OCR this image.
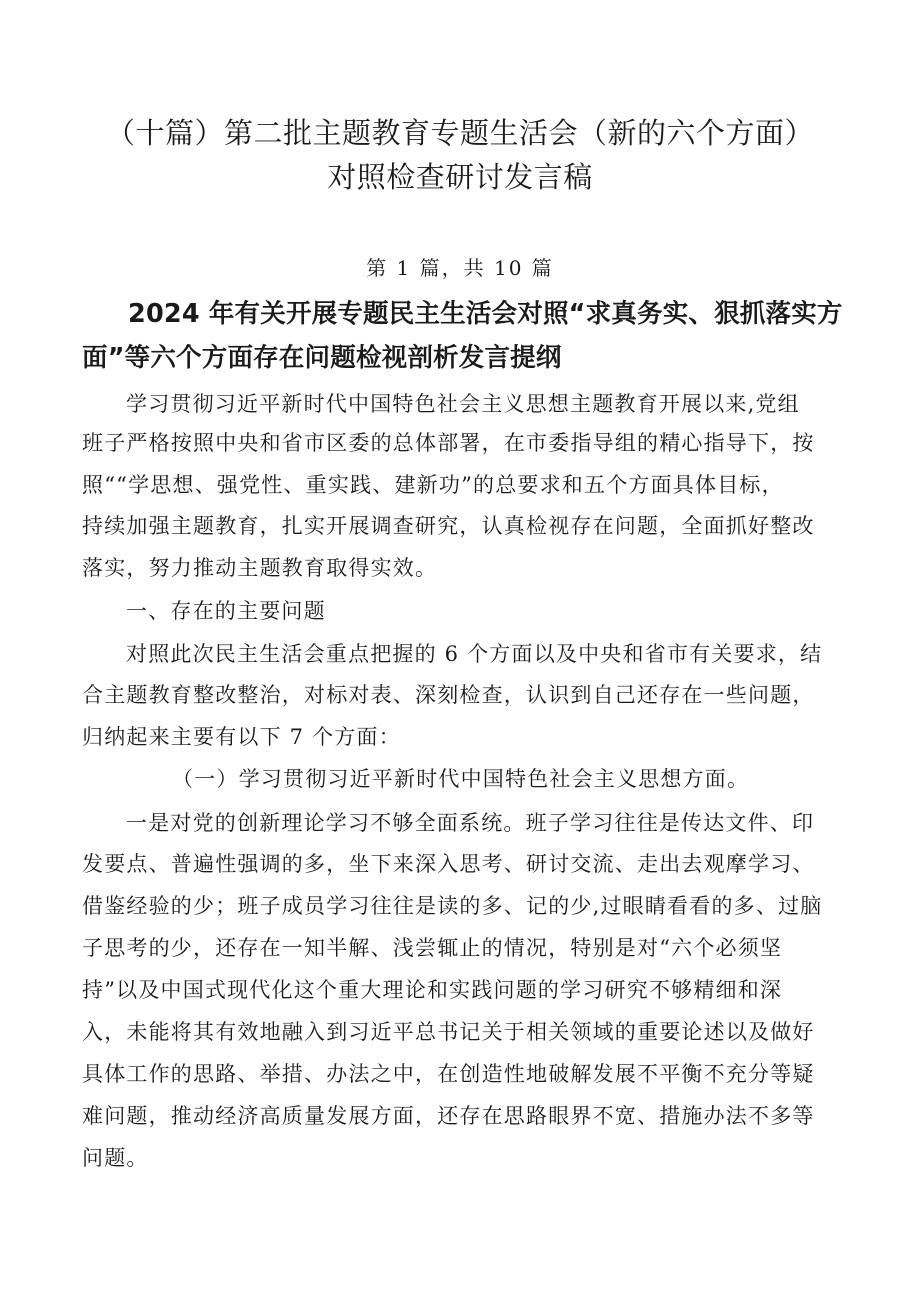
（十篇）第二批主题教育专题生活会（新的六个方面）
对照检查研讨发言稿
第 1 篇，共 10 篇
2024 年有关开展专题民主生活会对照“求真务实、狠抓落实方
面”等六个方面存在问题检视剖析发言提纲
学习贯彻习近平新时代中国特色社会主义思想主题教育开展以来,党组
班子严格按照中央和省市区委的总体部署，在市委指导组的精心指导下，按
照““学思想、强党性、重实践、建新功”的总要求和五个方面具体目标，
持续加强主题教育，扎实开展调查研究，认真检视存在问题，全面抓好整改
落实，努力推动主题教育取得实效。
一、存在的主要问题
对照此次民主生活会重点把握的 6 个方面以及中央和省市有关要求，结
合主题教育整改整治，对标对表、深刻检查，认识到自己还存在一些问题，
归纳起来主要有以下 7 个方面：
（一）学习贯彻习近平新时代中国特色社会主义思想方面。
一是对党的创新理论学习不够全面系统。班子学习往往是传达文件、印
发要点、普遍性强调的多，坐下来深入思考、研讨交流、走出去观摩学习、
借鉴经验的少；班子成员学习往往是读的多、记的少,过眼睛看看的多、过脑
子思考的少，还存在一知半解、浅尝辄止的情况，特别是对“六个必须坚
持”以及中国式现代化这个重大理论和实践问题的学习研究不够精细和深
入，未能将其有效地融入到习近平总书记关于相关领域的重要论述以及做好
具体工作的思路、举措、办法之中，在创造性地破解发展不平衡不充分等疑
难问题，推动经济高质量发展方面，还存在思路眼界不宽、措施办法不多等
问题。
